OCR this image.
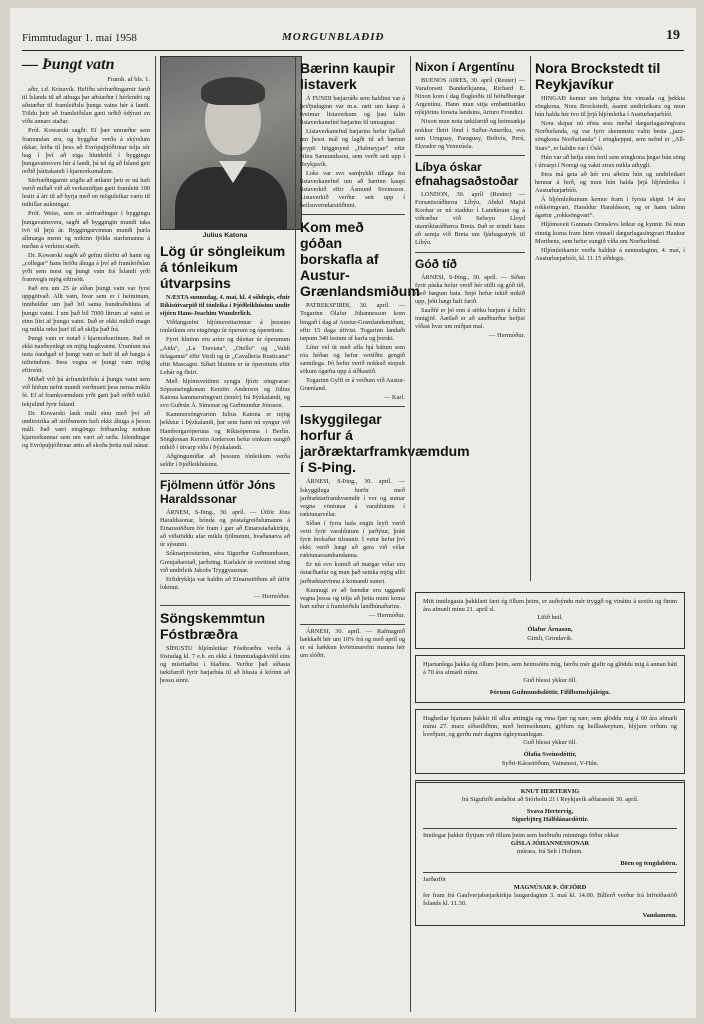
Fimmtudagur 1. maí 1958	MORGUNBLAÐIÐ	19
— Þungt vatn
Framh. af bls. 1.

aðir, t.d. Krísuvík. Helfðu sérfræðingarnir farið til Íslands til að athuga þar aðstæður í hérlendri og aðstæður til framleiðslu þungs vatns hér á landi. Töldu þeir að framleiðslan gæti orðið ódýrari en víða annars staðar.

Próf. Kowarski sagði: Ef þær umræður sem framundan eru, og byggðar verða á skýrslum okkar, leiða til þess að Evrópuþjóðirnar telja sér hag í því að eiga hlutdeild í byggingu þungavatnsvers hér á landi, þá tel ég að Ísland geti orðið þátttakandi í kjarnorkumálum.

Sérfræðingarnir sögðu að ætlanir þeir er nú hafi verið miðað við að verksmiðjan gæti framleitt 100 lestir á ári til að byrja með en möguleikar væru til mikillar aukningar.

Próf. Weiss, sem er sérfræðingur í byggingu þungavatnsvera, sagði að byggingin mundi taka tvö til þrjú ár. Byggingarvinnan mundi þurfa allmarga menn og mikinn fjölda starfsmanna á meðan á verkinu stæði.

Dr. Kowarski sagði að gefnu tilefni að hann og „collegar“ hans hefðu áhuga á því að framleiðslan yrði sem mest og þungt vatn frá Íslandi yrði framvegis mjög eftirsótt.

Það eru um 25 ár síðan þungt vatn var fyrst uppgötvað. Allt vatn, hvar sem er í heiminum, inniheldur um það bil sama hundraðshluta af þungu vatni. Í um það bil 7000 lítrum af vatni er einn lítri af þungu vatni. Það er ekki mikið magn og mikla orku þarf til að skilja það frá.

Þungt vatn er notað í kjarnorkuofnum. Það er ekki nauðsynlegt en mjög hagkvæmt. Úraníum má nota óauðgað ef þungt vatn er haft til að hægja á nifteindum. Þess vegna er þungt vatn mjög eftirsótt.

Miðað við þá árframleiðslu á þungu vatni sem við höfum nefnt mundi verðmæti þess nema miklu fé. Ef af framkvæmdum yrði gæti það orðið mikil tekjulind fyrir Ísland.

Dr. Kowarski lauk máli sínu með því að undirstrika að stríðsmenn hafi ekki áhuga á þessu máli. Það væri eingöngu friðsamleg notkun kjarnorkunnar sem um væri að ræða. Íslendingar og Evrópuþjóðirnar ættu að skoða þetta mál nánar.

Julius Katona
Lög úr söngleikum á tónleikum útvarpsins

NÆSTA sunnudag, 4. maí, kl. 4 síðdegis, efnir Ríkisútvarpið til tónleika í Þjóðleikhúsinu undir stjórn Hans-Joachim Wunderlich.

Viðfangsefni hljómsveitarinnar á þessum tónleikum eru eingöngu úr óperum og óperettum.

Fyrri hlutinn eru aríur og dúettar úr óperunum „Aida“, „La Traviata“, „Otello“ og „Valdi örlaganna“ eftir Verdi og úr „Cavalleria Rusticana“ eftir Mascagni. Síðari hlutinn er úr óperettum eftir Lehár og fleiri.

Með hljómsveitinni syngja fjórir söngvarar: Sópransöngkonan Kerstin Anderson og Julius Katona kammersöngvari (tenór) frá Þýzkalandi, og svo Guðrún Á. Símonar og Guðmundur Jónsson.

Kammersöngvarinn Julius Katona er mjög þekktur í Þýzkalandi, þar sem hann nú syngur við Hamborgaróperuna og Ríkisóperuna í Berlín. Söngkonan Kerstin Anderson hefur einkum sungið mikið í útvarp víða í Þýzkalandi.

Aðgöngumiðar að þessum tónleikum verða seldir í Þjóðleikhúsinu.

Fjölmenn útför Jóns Haraldssonar

ÁRNESI, S-Þing., 30. apríl. — Útför Jóns Haraldssonar, bónda og póstafgreiðslumanns á Einarsstöðum fór fram í gær að Einarsstaðakirkju, að viðstöddu afar miklu fjölmenni, hvaðanæva að úr sýsunni.

Sóknarpresturinn, séra Sigurður Guðmundsson, Grenjaðarstað, jarðsöng. Karlakór úr sveitinni söng við undirleik Jakobs Tryggvasonar.

Erfidrykkja var haldin að Einarsstöðum að útför lokinni.

— Hermóður.
Söngskemmtun Fóstbræðra

SÍÐUSTU hljómleikar Fóstbræðra verða á föstudag kl. 7 e.h. en ekki á fimmtudagskvöld eins og misritaðist í blaðinu. Verður það síðasta tækifærið fyrir bæjarbúa til að hlusta á kórinn að þessu sinni.

Bærinn kaupir listaverk

Á FUNDI bæjarráðs sem haldinn var á þriðjudaginn var m.a. rætt um kaup á tveimur listaverkum og þau falin listaverkanefnd bæjarins til umsagnar.

Listaverkanefnd bæjarins hefur fjallað um þessi mál og lagði til að bærinn keypti höggmynd „Hafmeyjan“ eftir Nínu Sæmundsson, sem verði sett upp í Reykjavík.

Loks var svo samþykkt tillaga frá listaverkanefnd um að bærinn kaupi listaverkið eftir Ásmund Sveinsson. Listaverkið verður sett upp í heilsuverndarstöðinni.

Kom með góðan borskafla af Austur-Grænlandsmiðum

PATREKSFIRÐI, 30. apríl. — Togarinn Ólafur Jóhannesson kom hingað í dag af Austur-Grænlandsmiðum, eftir 15 daga útivist. Togarinn landaði tæpum 340 lestum af karfa og þorski.

Lítur vel út með afla hjá bátum sem róa héðan og hefur vertíðin gengið sæmilega. Þó hefur verið nokkuð stopult sökum ógæfta upp á síðkastið.

Togarinn Gylfi er á veiðum við Austur-Grænland.

— Karl.
Iskyggilegar horfur á jarðræktarframkvæmdum í S-Þing.

ÁRNESI, S-Þing., 30. apríl. — Ískyggilega horfir með jarðræktarframkvæmdir í vor og sumar vegna vöntunar á varahlutum í ræktunarvélar.

Síðan í fyrra hafa engin leyfi verið veitt fyrir varahlutum í jarðýtur, þrátt fyrir ítrekaðar tilraunir. Í vetur hefur því ekki verið hægt að gera við vélar ræktunarsambandanna.

Er nú svo komið að margar vélar eru óstarfhæfar og mun það seinka mjög allri jarðræktarvinnu á komandi sumri.

Kunnugt er að bændur eru uggandi vegna þessa og telja að þetta muni koma hart niður á framleiðslu landbúnaðarins.

— Hermóður.

ÁRNESI, 30. apríl. — Rafmagnið hækkaði hér um 10% frá og með apríl og er sú hækkun kvörtunarefni manna hér um slóðir.

Nixon í Argentínu

BUENOS AIRES, 30. apríl (Reuter) — Varaforseti Bandaríkjanna, Richard E. Nixon kom í dag flugleiðis til höfuðborgar Argentínu. Hann mun sitja embættistöku nýkjörins forseta landsins, Arturo Frondizi.

Nixon mun nota tækifærið og heimsækja nokkur fleiri lönd í Suður-Ameríku, svo sem Uruguay, Paraguay, Bolivíu, Perú, Ekvador og Venezúela.

Líbya óskar efnahagsaðstoðar

LONDON, 30. apríl (Reuter) — Forsætisráðherra Líbýu, Abdul Majid Koobar er nú staddur í Lundúnum og á viðræður við Selwyn Lloyd utanríkisráðherra Breta. Það er erindi hans að semja við Breta um fjárhagsstyrk til Líbýu.

Góð tíð

ÁRNESI, S-Þing., 30. apríl. — Síðan fyrir páska hefur verið hér stillt og góð tíð, með hægum bata. Snjó hefur tekið mikið upp, þótt hægt hafi farið.

Sauðfé er þó enn á stöku bæjum á fullri innigjöf. Áætlað er að sauðburður hefjist víðast hvar um miðjan maí.

— Hermóður.
Nora Brockstedt til Reykjavíkur

HINGAÐ kemur um helgina hin vinsæla og þekkta söngkona, Nora Brockstedt, ásamt undirleikara og mun hún halda hér tvo til þrjá hljómleika í Austurbæjarbíói.

Nora skipar nú efsta sess meðal dægurlagasöngvara Norðurlanda, og var fyrir skemmstu valin besta „jazz-söngkona Norðurlanda“ í söngkeppni, sem nefnd er „All-Stars“, er haldin var í Ósló.

Hún var að hefja sinn feril sem söngkona þegar hún söng í útvarpi í Noregi og vakti strax mikla athygli.

Þess má geta að hér eru aðeins hún og undirleikari hennar á ferð, og mun hún halda þrjá hljómleika í Austurbæjarbíói.

Á hljómleikunum kemur fram í fyrsta skipti 14 ára rokksöngvari, Haraldur Haraldsson, og er hann talinn ágætur „rokksöngvari“.

Hljómsveit Gunnars Ormslevs leikur og kynnir. Þá mun einnig koma fram hinn vinsæli dægurlagasöngvari Haukur Morthens, sem hefur sungið víða um Norðurlönd.

Hljómleikarnir verða haldnir á sunnudaginn, 4. maí, í Austurbæjarbíói, kl. 11.15 síðdegis.

Mitt innilegasta þakklæti færi ég öllum þeim, er auðsýndu mér tryggð og vináttu á sextíu og fimm ára afmæli mínu 21. apríl sl.
Lifið heil.
Ólafur Árnason,
Gimli, Grindavík.
Hjartanlega þakka ég öllum þeim, sem heimsóttu mig, færðu mér gjafir og glöddu mig á annan hátt á 70 ára afmæli mínu.
Guð blessi ykkur öll.
Þórunn Guðmundsdóttir, Fífilbotnshjáleigu.
Hugheilar hjartans þakkir til allra ættingja og vina fjær og nær, sem glöddu mig á 60 ára afmæli mínu 27. marz síðastliðinn, með heimsóknum, gjöfum og heillaskeytum, hlýjum orðum og kveðjum, og gerðu mér daginn ógleymanlegan.
Guð blessi ykkur öll.
Ólafía Sveinsdóttir,
Syðri-Kárastöðum, Vatnsnesi, V-Hún.
KNUT HERTERVIG
frá Sigufirði andaðist að Stórholti 21 í Reykjavík aðfaranótt 30. apríl.
Svava Hertervig,
Sigurbjörg Hálfdánardóttir.
Innilegar þakkir flytjum við öllum þeim sem heiðruðu minningu föður okkar
GÍSLA JÓHANNESSONAR
múrara, frá Seli í Holtum.
Börn og tengdabörn.
Jarðarför
MAGNÚSAR Þ. ÖFJÖRÐ
fer fram frá Gaulverjabæjarkirkju laugardaginn 3. maí kl. 14.00. Bílferð verður frá bifreiðastöð Íslands kl. 11.30.
Vandamenn.
